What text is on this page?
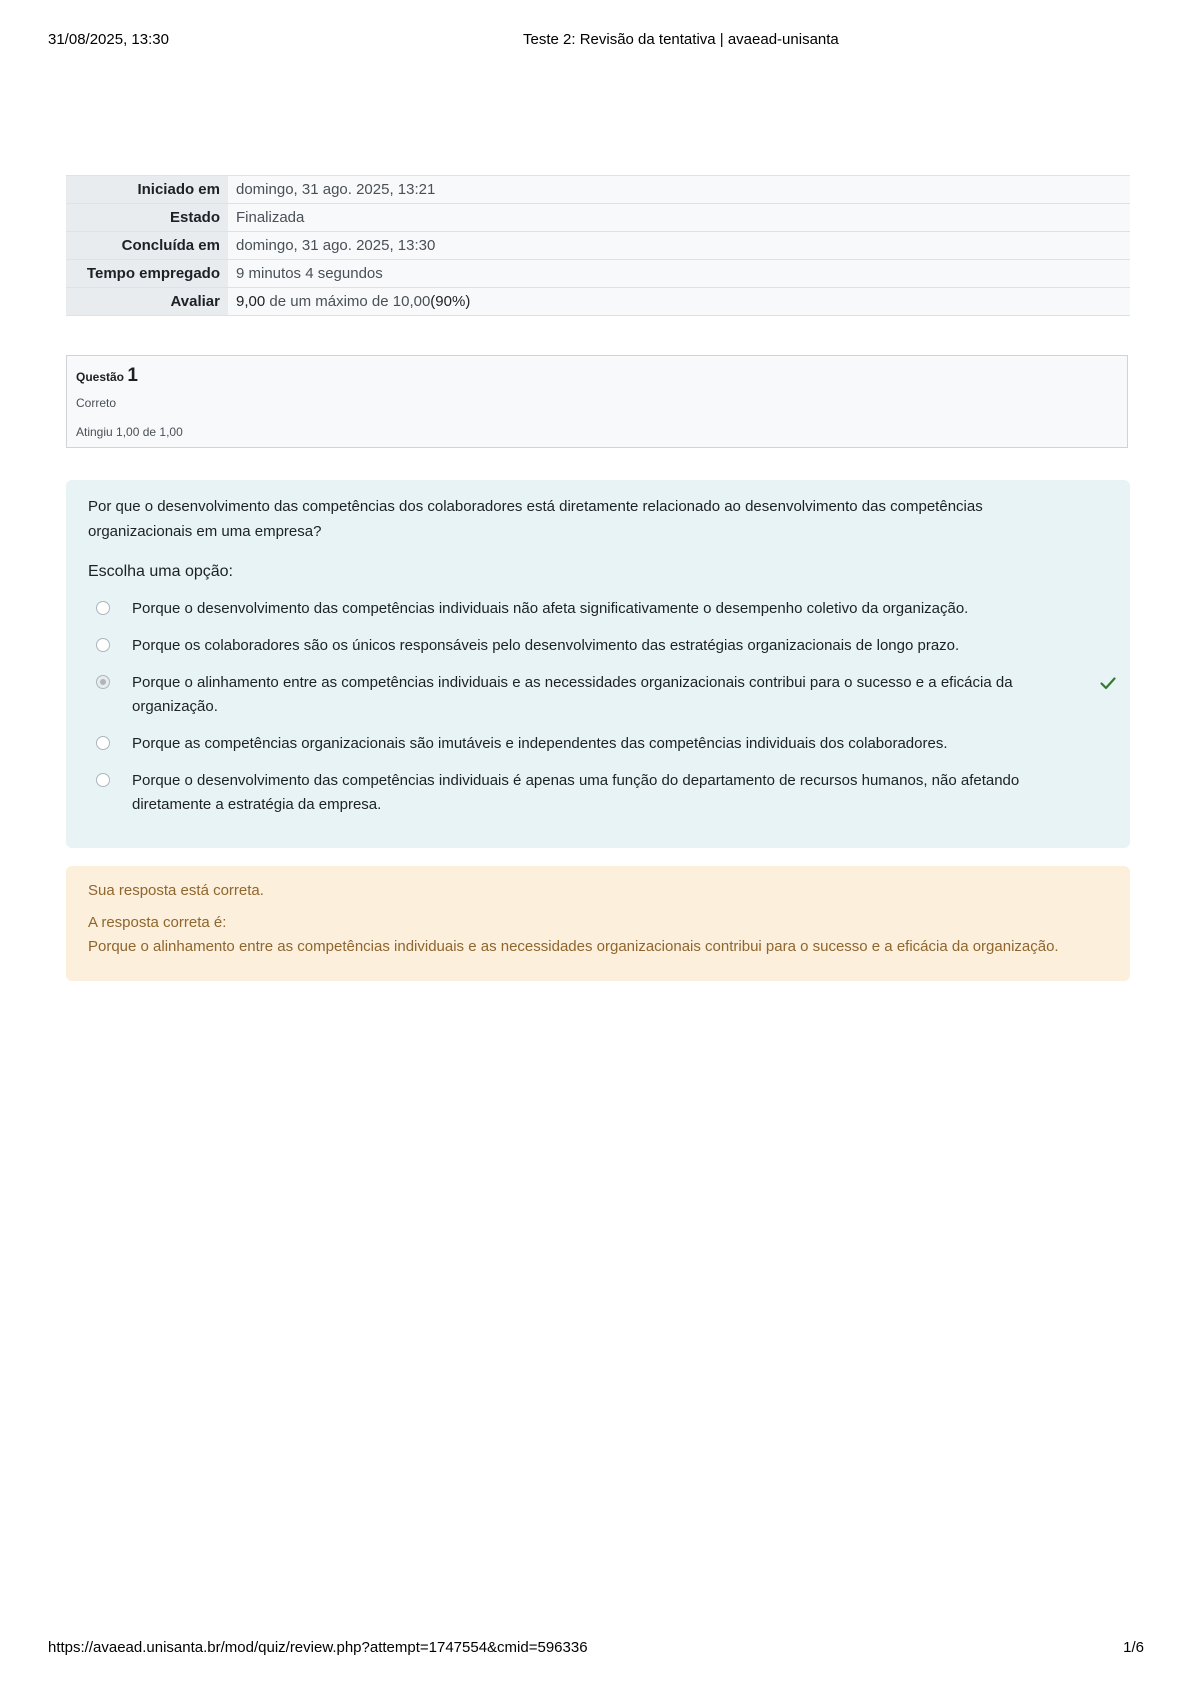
31/08/2025, 13:30	Teste 2: Revisão da tentativa | avaead-unisanta
Iniciado em	domingo, 31 ago. 2025, 13:21
Estado	Finalizada
Concluída em	domingo, 31 ago. 2025, 13:30
Tempo empregado	9 minutos 4 segundos
Avaliar	9,00 de um máximo de 10,00(90%)
Questão 1
Correto
Atingiu 1,00 de 1,00
Por que o desenvolvimento das competências dos colaboradores está diretamente relacionado ao desenvolvimento das competências organizacionais em uma empresa?
Escolha uma opção:
Porque o desenvolvimento das competências individuais não afeta significativamente o desempenho coletivo da organização.
Porque os colaboradores são os únicos responsáveis pelo desenvolvimento das estratégias organizacionais de longo prazo.
Porque o alinhamento entre as competências individuais e as necessidades organizacionais contribui para o sucesso e a eficácia da organização.
Porque as competências organizacionais são imutáveis e independentes das competências individuais dos colaboradores.
Porque o desenvolvimento das competências individuais é apenas uma função do departamento de recursos humanos, não afetando diretamente a estratégia da empresa.
Sua resposta está correta.
A resposta correta é:
Porque o alinhamento entre as competências individuais e as necessidades organizacionais contribui para o sucesso e a eficácia da organização.
https://avaead.unisanta.br/mod/quiz/review.php?attempt=1747554&cmid=596336	1/6
